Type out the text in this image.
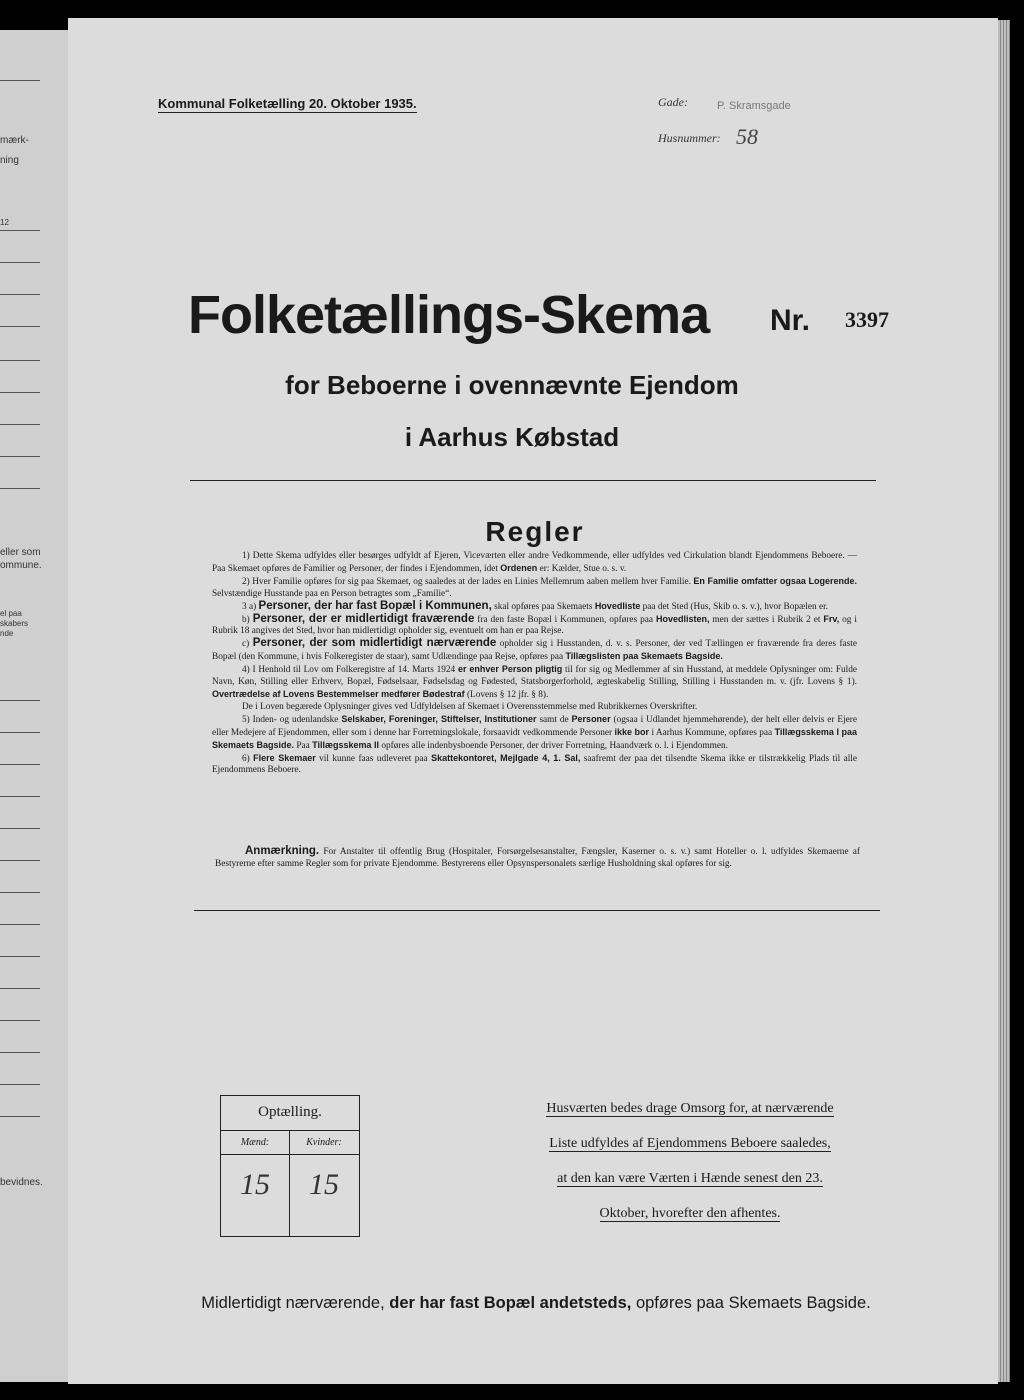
mærk-
ning
12
eller som
ommune.
el paa
skabers
nde
bevidnes.
Kommunal Folketælling 20. Oktober 1935.	Gade:	P. Skramsgade
Husnummer: 58
Folketællings-Skema Nr. 3397
for Beboerne i ovennævnte Ejendom
i Aarhus Købstad
Regler

1) Dette Skema udfyldes eller besørges udfyldt af Ejeren, Viceværten eller andre Vedkommende, eller udfyldes ved Cirkulation blandt Ejendommens Beboere. — Paa Skemaet opføres de Familier og Personer, der findes i Ejendommen, idet Ordenen er: Kælder, Stue o. s. v.

2) Hver Familie opføres for sig paa Skemaet, og saaledes at der lades en Linies Mellemrum aaben mellem hver Familie. En Familie omfatter ogsaa Logerende. Selvstændige Husstande paa en Person betragtes som „Familie“.

3 a) Personer, der har fast Bopæl i Kommunen, skal opføres paa Skemaets Hovedliste paa det Sted (Hus, Skib o. s. v.), hvor Bopælen er.

b) Personer, der er midlertidigt fraværende fra den faste Bopæl i Kommunen, opføres paa Hovedlisten, men der sættes i Rubrik 2 et Frv, og i Rubrik 18 angives det Sted, hvor han midlertidigt opholder sig, eventuelt om han er paa Rejse.

c) Personer, der som midlertidigt nærværende opholder sig i Husstanden, d. v. s. Personer, der ved Tællingen er fraværende fra deres faste Bopæl (den Kommune, i hvis Folkeregister de staar), samt Udlændinge paa Rejse, opføres paa Tillægslisten paa Skemaets Bagside.

4) I Henhold til Lov om Folkeregistre af 14. Marts 1924 er enhver Person pligtig til for sig og Medlemmer af sin Husstand, at meddele Oplysninger om: Fulde Navn, Køn, Stilling eller Erhverv, Bopæl, Fødselsaar, Fødselsdag og Fødested, Statsborgerforhold, ægteskabelig Stilling, Stilling i Husstanden m. v. (jfr. Lovens § 1). Overtrædelse af Lovens Bestemmelser medfører Bødestraf (Lovens § 12 jfr. § 8).

De i Loven begærede Oplysninger gives ved Udfyldelsen af Skemaet i Overensstemmelse med Rubrikkernes Overskrifter.

5) Inden- og udenlandske Selskaber, Foreninger, Stiftelser, Institutioner samt de Personer (ogsaa i Udlandet hjemmehørende), der helt eller delvis er Ejere eller Medejere af Ejendommen, eller som i denne har Forretningslokale, forsaavidt vedkommende Personer ikke bor i Aarhus Kommune, opføres paa Tillægsskema I paa Skemaets Bagside. Paa Tillægsskema II opføres alle indenbysboende Personer, der driver Forretning, Haandværk o. l. i Ejendommen.

6) Flere Skemaer vil kunne faas udleveret paa Skattekontoret, Mejlgade 4, 1. Sal, saafremt der paa det tilsendte Skema ikke er tilstrækkelig Plads til alle Ejendommens Beboere.

Anmærkning. For Anstalter til offentlig Brug (Hospitaler, Forsørgelsesanstalter, Fængsler, Kaserner o. s. v.) samt Hoteller o. l. udfyldes Skemaerne af Bestyrerne efter samme Regler som for private Ejendomme. Bestyrerens eller Opsynspersonalets særlige Husholdning skal opføres for sig.
Optælling.
Mænd:	Kvinder:
15	15
Husværten bedes drage Omsorg for, at nærværende
Liste udfyldes af Ejendommens Beboere saaledes,
at den kan være Værten i Hænde senest den 23.
Oktober, hvorefter den afhentes.
Midlertidigt nærværende, der har fast Bopæl andetsteds, opføres paa Skemaets Bagside.
